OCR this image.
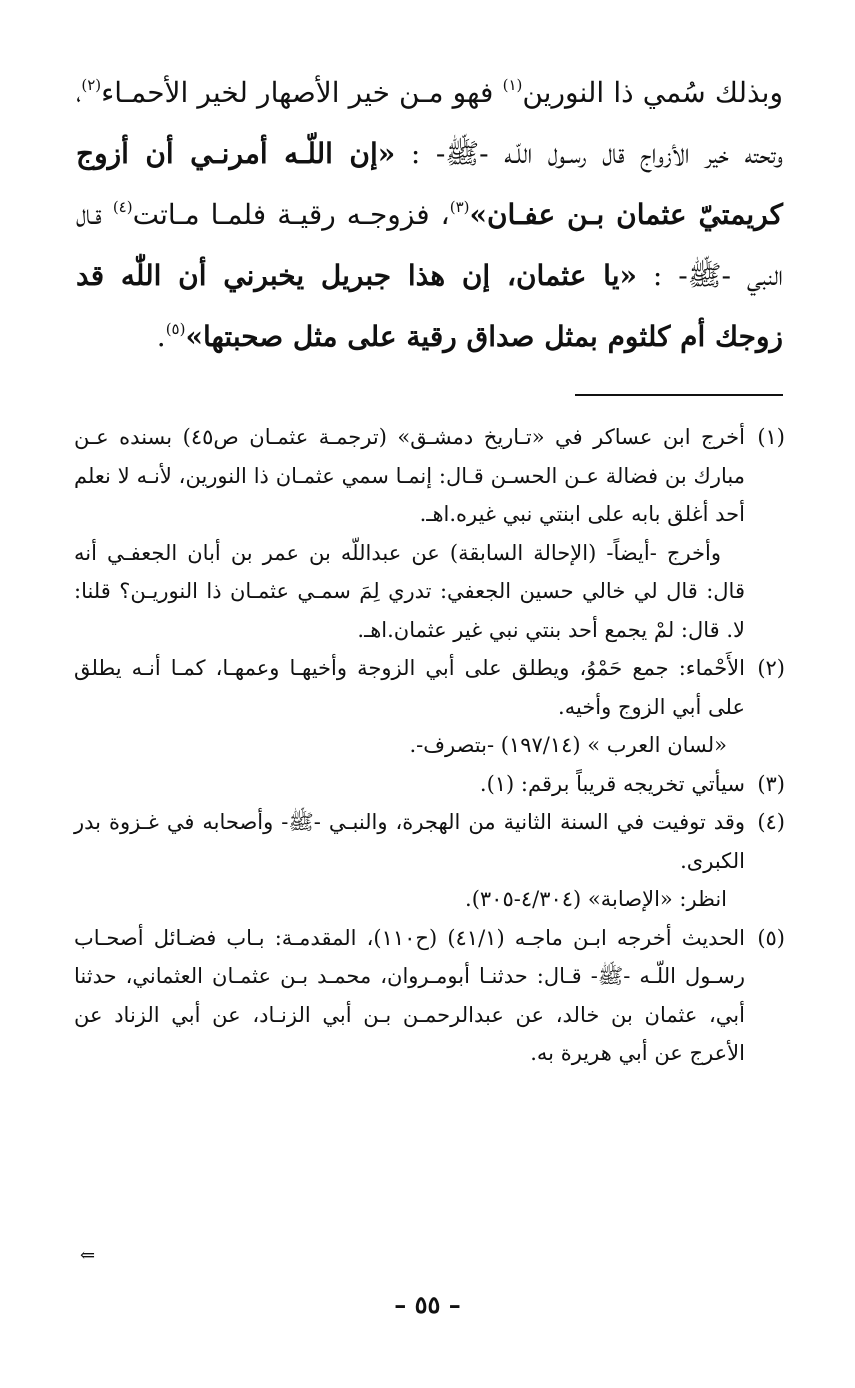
وبذلك سُمي ذا النورين$^{(١)}$ فهو مـن خير الأصهار لخير الأحمـاء$^{(٢)}$، وتحته خير الأزواج قال رسـول اللّـه -ﷺ- : «إن اللّـه أمرنـي أن أزوج كريمتيّ عثمان بـن عفـان»$^{(٣)}$، فزوجـه رقيـة فلمـا مـاتت$^{(٤)}$ قـال النبي -ﷺ- : «يا عثمان، إن هذا جبريل يخبرني أن اللّٰه قد زوجك أم كلثوم بمثل صداق رقية على مثل صحبتها»$^{(٥)}$.
(١)
أخرج ابن عساكر في «تـاريخ دمشـق» (ترجمـة عثمـان ص٤٥) بسنده عـن مبارك بن فضالة عـن الحسـن قـال: إنمـا سمي عثمـان ذا النورين، لأنـه لا نعلم أحد أغلق بابه على ابنتي نبي غيره.اهـ.
وأخرج -أيضاً- (الإحالة السابقة) عن عبداللّه بن عمر بن أبان الجعفـي أنه قال: قال لي خالي حسين الجعفي: تدري لِمَ سمـي عثمـان ذا النوريـن؟ قلنا: لا. قال: لمْ يجمع أحد بنتي نبي غير عثمان.اهـ.
(٢)
الأَحْماء: جمع حَمْوُ، ويطلق على أبي الزوجة وأخيهـا وعمهـا، كمـا أنـه يطلق على أبي الزوج وأخيه.
«لسان العرب » (١٩٧/١٤) -بتصرف-.
(٣)
سيأتي تخريجه قريباً برقم: (١).
(٤)
وقد توفيت في السنة الثانية من الهجرة، والنبـي -ﷺ- وأصحابه في غـزوة بدر الكبرى.
انظر: «الإصابة» (٤/٣٠٤-٣٠٥).
(٥)
الحديث أخرجه ابـن ماجـه (٤١/١) (ح١١٠)، المقدمـة: بـاب فضـائل أصحـاب رسـول اللّـه -ﷺ- قـال: حدثنـا أبومـروان، محمـد بـن عثمـان العثماني، حدثنا أبي، عثمان بن خالد، عن عبدالرحمـن بـن أبي الزنـاد، عن أبي الزناد عن الأعرج عن أبي هريرة به.
⇐
– ٥٥ –
